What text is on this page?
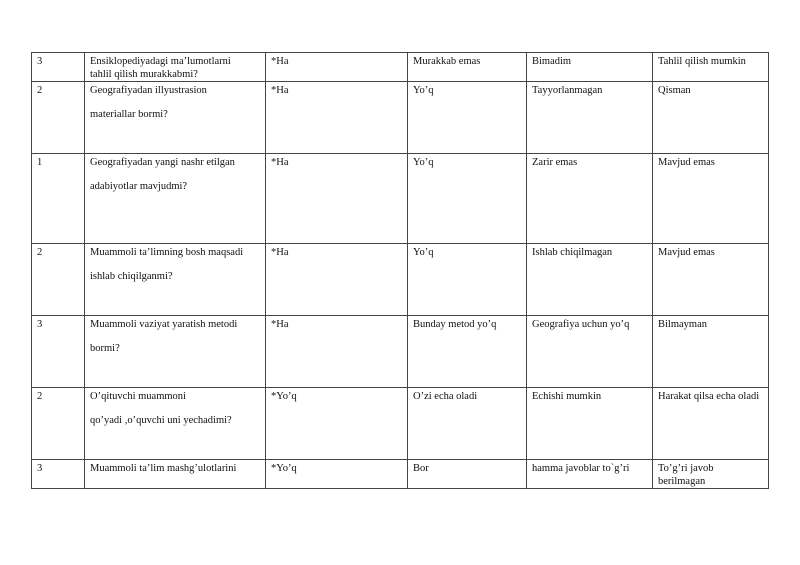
3	Ensiklopediyadagi ma’lumotlarni
tahlil qilish murakkabmi?	*Ha	Murakkab emas	Bimadim	Tahlil qilish mumkin
2	Geografiyadan illyustrasion
materiallar bormi?	*Ha	Yo’q	Tayyorlanmagan	Qisman
1	Geografiyadan yangi nashr etilgan
adabiyotlar mavjudmi?	*Ha	Yo’q	Zarir emas	Mavjud emas
2	Muammoli ta’limning bosh maqsadi
ishlab chiqilganmi?	*Ha	Yo’q	Ishlab chiqilmagan	Mavjud emas
3	Muammoli vaziyat yaratish metodi
bormi?	*Ha	Bunday metod yo’q	Geografiya uchun yo’q	Bilmayman
2	O’qituvchi muammoni
qo’yadi ,o’quvchi uni yechadimi?	*Yo’q	O’zi echa oladi	Echishi mumkin	Harakat qilsa echa oladi
3	Muammoli ta’lim mashg’ulotlarini	*Yo’q	Bor	hamma javoblar to`g’ri	To’g’ri javob berilmagan
